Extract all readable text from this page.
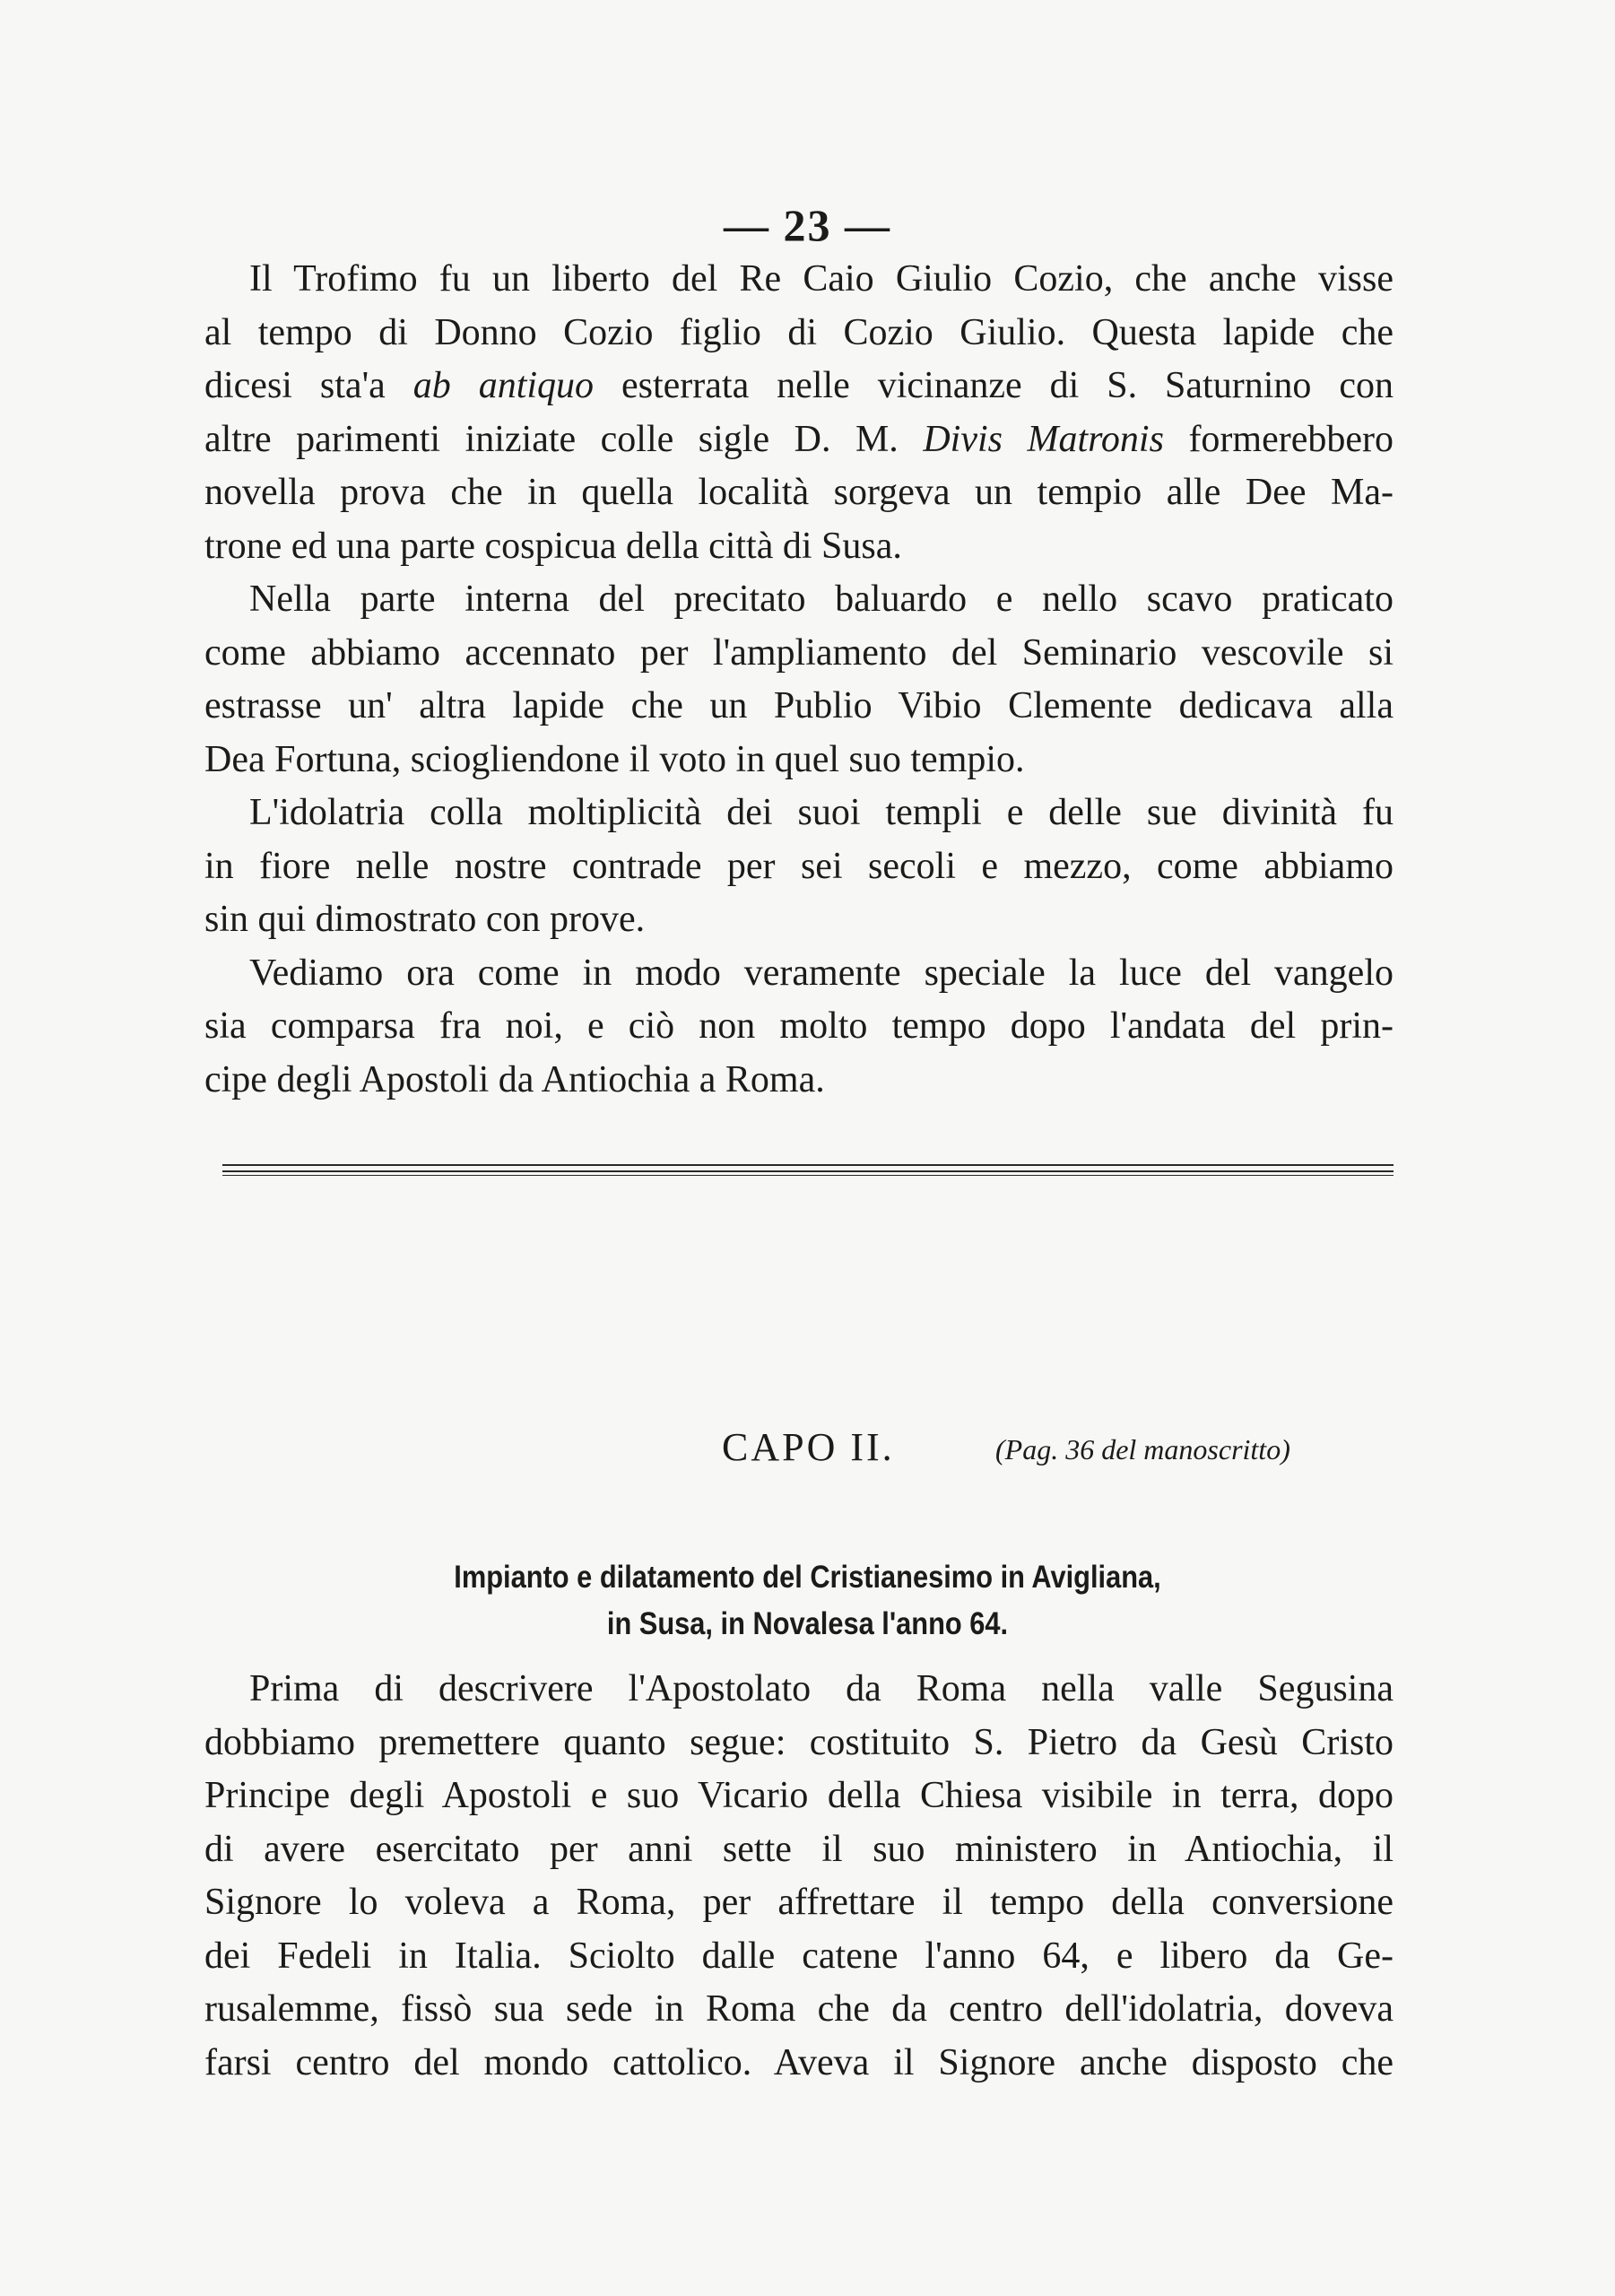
— 23 —
Il Trofimo fu un liberto del Re Caio Giulio Cozio, che anche visse
al tempo di Donno Cozio figlio di Cozio Giulio. Questa lapide che
dicesi sta'a ab antiquo esterrata nelle vicinanze di S. Saturnino con
altre parimenti iniziate colle sigle D. M. Divis Matronis formerebbero
novella prova che in quella località sorgeva un tempio alle Dee Ma-
trone ed una parte cospicua della città di Susa.
Nella parte interna del precitato baluardo e nello scavo praticato
come abbiamo accennato per l'ampliamento del Seminario vescovile si
estrasse un' altra lapide che un Publio Vibio Clemente dedicava alla
Dea Fortuna, sciogliendone il voto in quel suo tempio.
L'idolatria colla moltiplicità dei suoi templi e delle sue divinità fu
in fiore nelle nostre contrade per sei secoli e mezzo, come abbiamo
sin qui dimostrato con prove.
Vediamo ora come in modo veramente speciale la luce del vangelo
sia comparsa fra noi, e ciò non molto tempo dopo l'andata del prin-
cipe degli Apostoli da Antiochia a Roma.
CAPO II.	(Pag. 36 del manoscritto)
Impianto e dilatamento del Cristianesimo in Avigliana,
in Susa, in Novalesa l'anno 64.
Prima di descrivere l'Apostolato da Roma nella valle Segusina
dobbiamo premettere quanto segue: costituito S. Pietro da Gesù Cristo
Principe degli Apostoli e suo Vicario della Chiesa visibile in terra, dopo
di avere esercitato per anni sette il suo ministero in Antiochia, il
Signore lo voleva a Roma, per affrettare il tempo della conversione
dei Fedeli in Italia. Sciolto dalle catene l'anno 64, e libero da Ge-
rusalemme, fissò sua sede in Roma che da centro dell'idolatria, doveva
farsi centro del mondo cattolico. Aveva il Signore anche disposto che
